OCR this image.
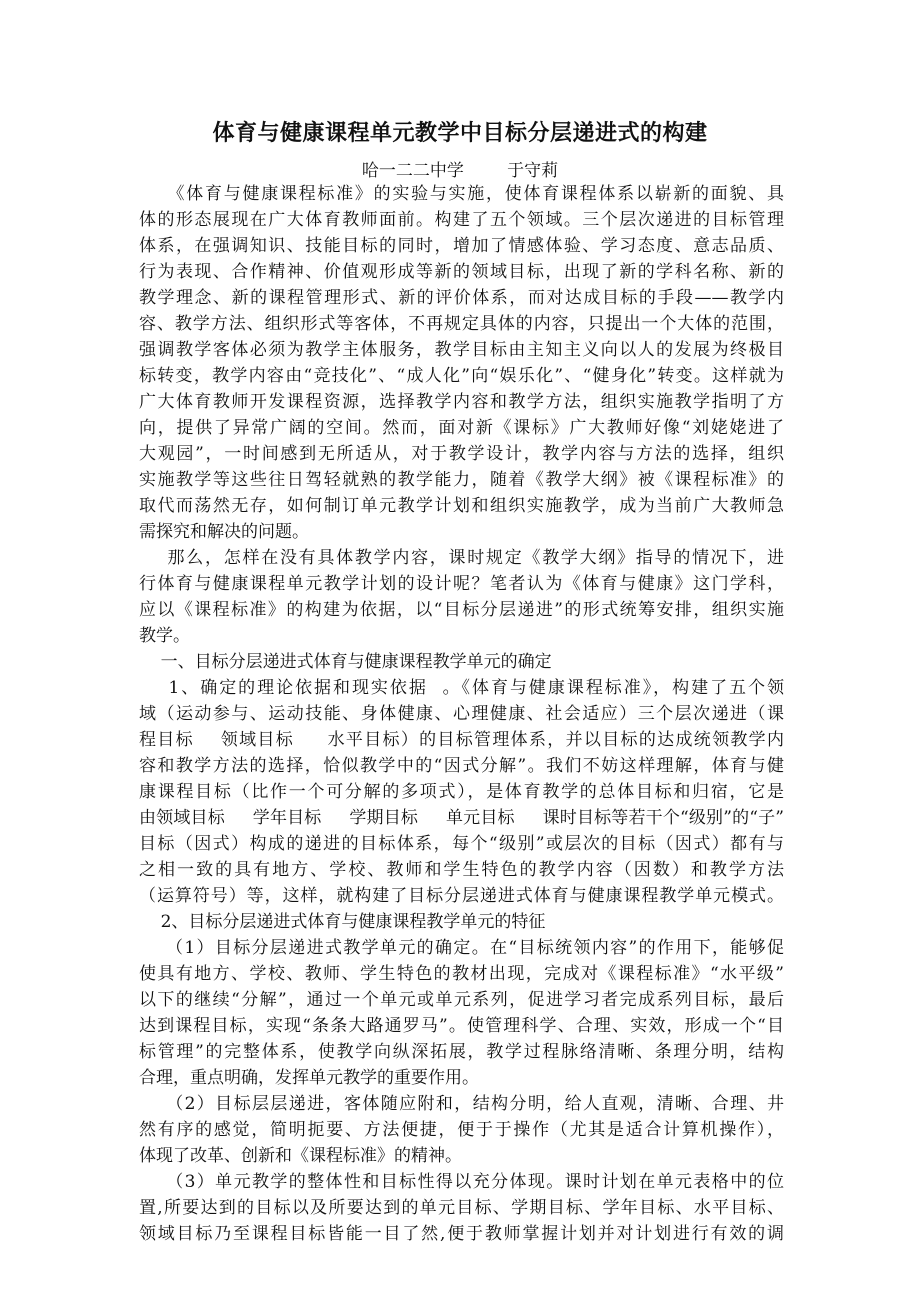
体育与健康课程单元教学中目标分层递进式的构建
哈一二二中学        于守莉
《体育与健康课程标准》的实验与实施，使体育课程体系以崭新的面貌、具
体的形态展现在广大体育教师面前。构建了五个领域。三个层次递进的目标管理
体系，在强调知识、技能目标的同时，增加了情感体验、学习态度、意志品质、
行为表现、合作精神、价值观形成等新的领域目标，出现了新的学科名称、新的
教学理念、新的课程管理形式、新的评价体系，而对达成目标的手段——教学内
容、教学方法、组织形式等客体，不再规定具体的内容，只提出一个大体的范围，
强调教学客体必须为教学主体服务，教学目标由主知主义向以人的发展为终极目
标转变，教学内容由“竞技化”、“成人化”向“娱乐化”、“健身化”转变。这样就为
广大体育教师开发课程资源，选择教学内容和教学方法，组织实施教学指明了方
向，提供了异常广阔的空间。然而，面对新《课标》广大教师好像“刘姥姥进了
大观园”，一时间感到无所适从，对于教学设计，教学内容与方法的选择，组织
实施教学等这些往日驾轻就熟的教学能力，随着《教学大纲》被《课程标准》的
取代而荡然无存，如何制订单元教学计划和组织实施教学，成为当前广大教师急
需探究和解决的问题。
那么，怎样在没有具体教学内容，课时规定《教学大纲》指导的情况下，进
行体育与健康课程单元教学计划的设计呢？笔者认为《体育与健康》这门学科，
应以《课程标准》的构建为依据，以“目标分层递进”的形式统筹安排，组织实施
教学。
一、目标分层递进式体育与健康课程教学单元的确定
1、确定的理论依据和现实依据  。《体育与健康课程标准》，构建了五个领
域（运动参与、运动技能、身体健康、心理健康、社会适应）三个层次递进（课
程目标    领域目标     水平目标）的目标管理体系，并以目标的达成统领教学内
容和教学方法的选择，恰似教学中的“因式分解”。我们不妨这样理解，体育与健
康课程目标（比作一个可分解的多项式），是体育教学的总体目标和归宿，它是
由领域目标     学年目标     学期目标     单元目标     课时目标等若干个“级别”的“子”
目标（因式）构成的递进的目标体系，每个“级别”或层次的目标（因式）都有与
之相一致的具有地方、学校、教师和学生特色的教学内容（因数）和教学方法
（运算符号）等，这样，就构建了目标分层递进式体育与健康课程教学单元模式。
2、目标分层递进式体育与健康课程教学单元的特征
（1）目标分层递进式教学单元的确定。在“目标统领内容”的作用下，能够促
使具有地方、学校、教师、学生特色的教材出现，完成对《课程标准》“水平级”
以下的继续“分解”，通过一个单元或单元系列，促进学习者完成系列目标，最后
达到课程目标，实现“条条大路通罗马”。使管理科学、合理、实效，形成一个“目
标管理”的完整体系，使教学向纵深拓展，教学过程脉络清晰、条理分明，结构
合理，重点明确，发挥单元教学的重要作用。
（2）目标层层递进，客体随应附和，结构分明，给人直观，清晰、合理、井
然有序的感觉，简明扼要、方法便捷，便于于操作（尤其是适合计算机操作），
体现了改革、创新和《课程标准》的精神。
（3）单元教学的整体性和目标性得以充分体现。课时计划在单元表格中的位
置,所要达到的目标以及所要达到的单元目标、学期目标、学年目标、水平目标、
领域目标乃至课程目标皆能一目了然,便于教师掌握计划并对计划进行有效的调
